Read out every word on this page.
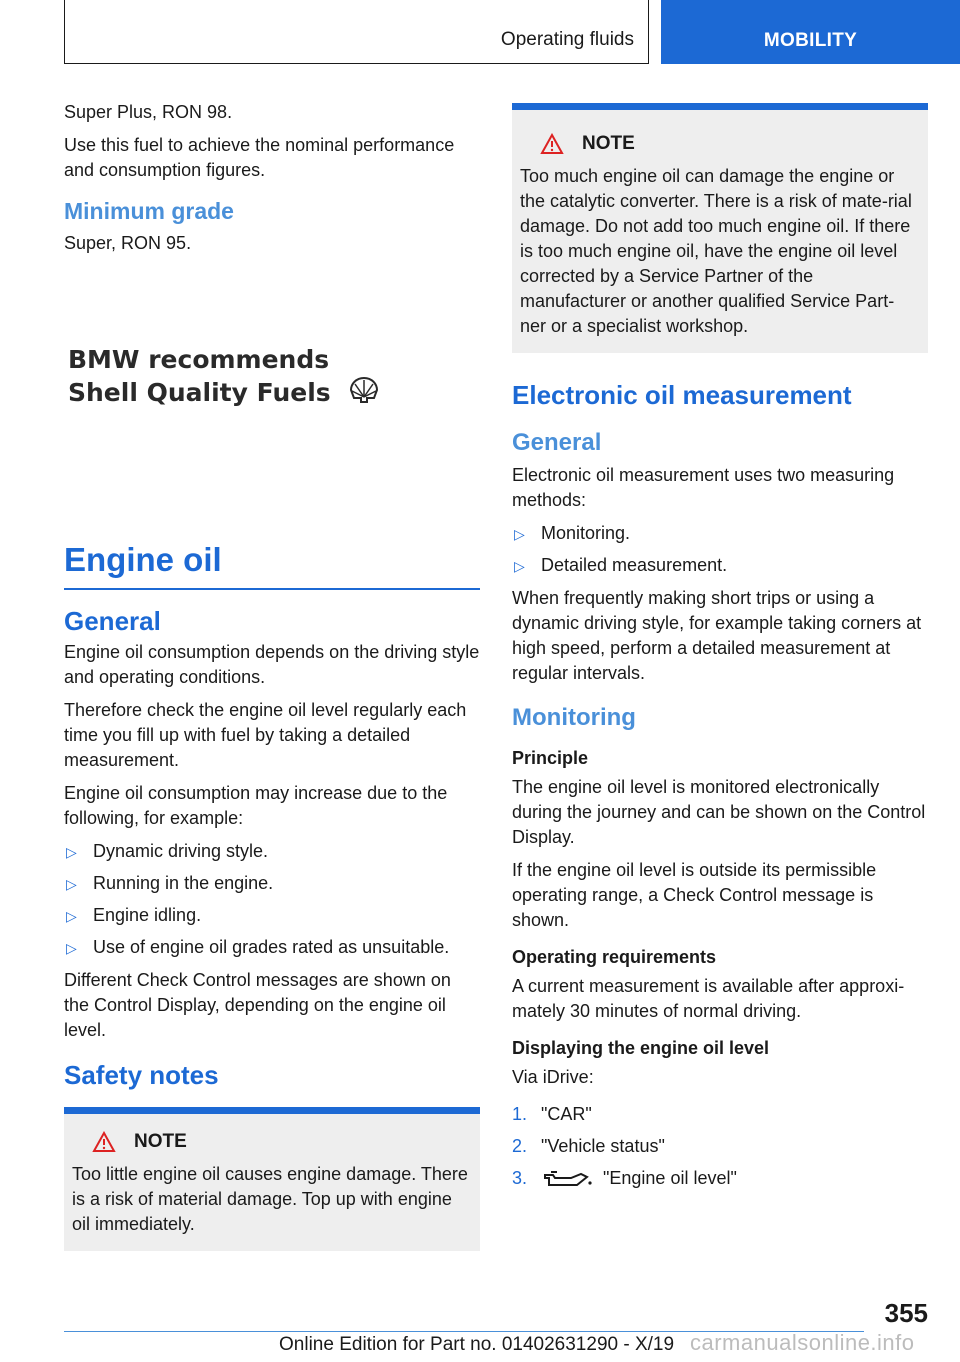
Operating fluids	MOBILITY

Super Plus, RON 98.

Use this fuel to achieve the nominal performance and consumption figures.

Minimum grade

Super, RON 95.

BMW recommends
Shell Quality Fuels
Engine oil
General

Engine oil consumption depends on the driving style and operating conditions.

Therefore check the engine oil level regularly each time you fill up with fuel by taking a detailed measurement.

Engine oil consumption may increase due to the following, for example:

▷ Dynamic driving style.
▷ Running in the engine.
▷ Engine idling.
▷ Use of engine oil grades rated as unsuitable.

Different Check Control messages are shown on the Control Display, depending on the engine oil level.

Safety notes
NOTE

Too little engine oil causes engine damage. There is a risk of material damage. Top up with engine oil immediately.

NOTE

Too much engine oil can damage the engine or the catalytic converter. There is a risk of mate-rial damage. Do not add too much engine oil. If there is too much engine oil, have the engine oil level corrected by a Service Partner of the manufacturer or another qualified Service Part-ner or a specialist workshop.

Electronic oil measurement
General

Electronic oil measurement uses two measuring methods:

▷ Monitoring.
▷ Detailed measurement.

When frequently making short trips or using a dynamic driving style, for example taking corners at high speed, perform a detailed measurement at regular intervals.

Monitoring
Principle

The engine oil level is monitored electronically during the journey and can be shown on the Control Display.

If the engine oil level is outside its permissible operating range, a Check Control message is shown.

Operating requirements

A current measurement is available after approxi-mately 30 minutes of normal driving.

Displaying the engine oil level

Via iDrive:

1. "CAR"
2. "Vehicle status"
3.	"Engine oil level"
355
Online Edition for Part no. 01402631290 - X/19 carmanualsonline.info
